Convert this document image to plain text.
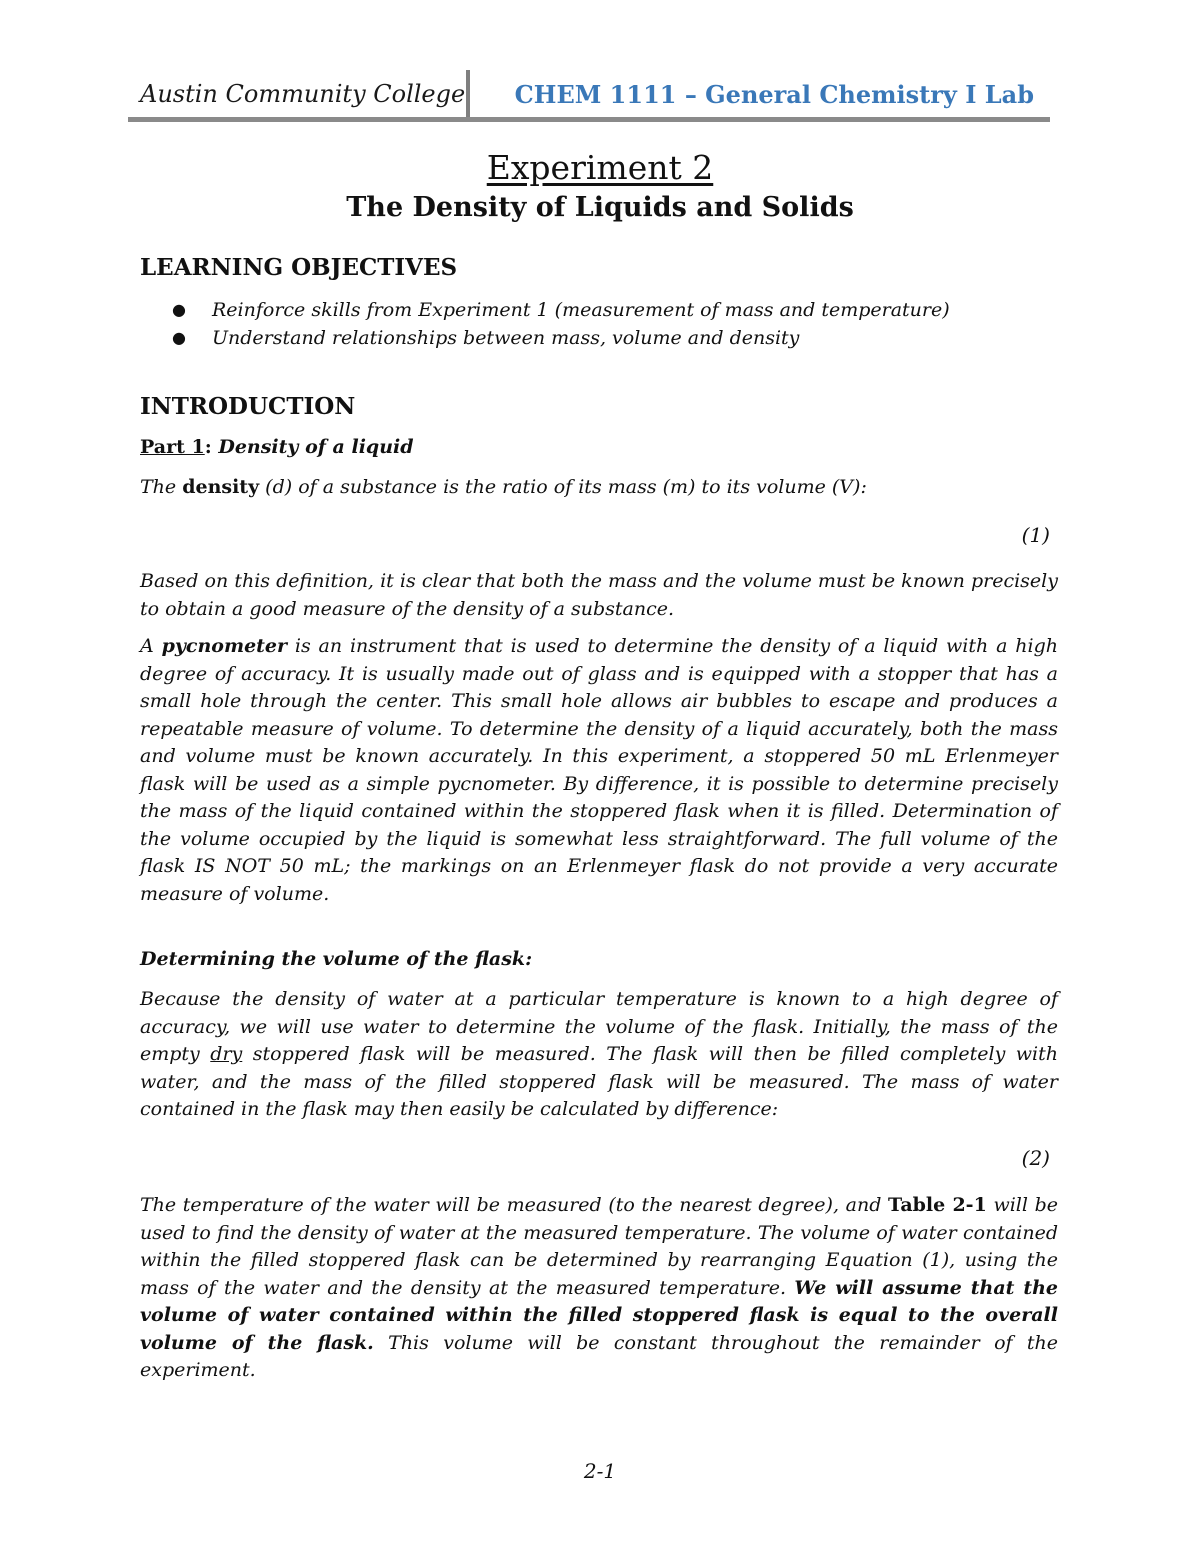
Austin Community College CHEM 1111 – General Chemistry I Lab
Experiment 2
The Density of Liquids and Solids
LEARNING OBJECTIVES
● Reinforce skills from Experiment 1 (measurement of mass and temperature)
● Understand relationships between mass, volume and density
INTRODUCTION
Part 1: Density of a liquid
The density (d) of a substance is the ratio of its mass (m) to its volume (V):
(1)
Based on this definition, it is clear that both the mass and the volume must be known precisely to obtain a good measure of the density of a substance.
A pycnometer is an instrument that is used to determine the density of a liquid with a high degree of accuracy. It is usually made out of glass and is equipped with a stopper that has a small hole through the center. This small hole allows air bubbles to escape and produces a repeatable measure of volume. To determine the density of a liquid accurately, both the mass and volume must be known accurately. In this experiment, a stoppered 50 mL Erlenmeyer flask will be used as a simple pycnometer. By difference, it is possible to determine precisely the mass of the liquid contained within the stoppered flask when it is filled. Determination of the volume occupied by the liquid is somewhat less straightforward. The full volume of the flask IS NOT 50 mL; the markings on an Erlenmeyer flask do not provide a very accurate measure of volume.
Determining the volume of the flask:
Because the density of water at a particular temperature is known to a high degree of accuracy, we will use water to determine the volume of the flask. Initially, the mass of the empty dry stoppered flask will be measured. The flask will then be filled completely with water, and the mass of the filled stoppered flask will be measured. The mass of water contained in the flask may then easily be calculated by difference:
(2)
The temperature of the water will be measured (to the nearest degree), and Table 2-1 will be used to find the density of water at the measured temperature. The volume of water contained within the filled stoppered flask can be determined by rearranging Equation (1), using the mass of the water and the density at the measured temperature. We will assume that the volume of water contained within the filled stoppered flask is equal to the overall volume of the flask. This volume will be constant throughout the remainder of the experiment.
2-1
